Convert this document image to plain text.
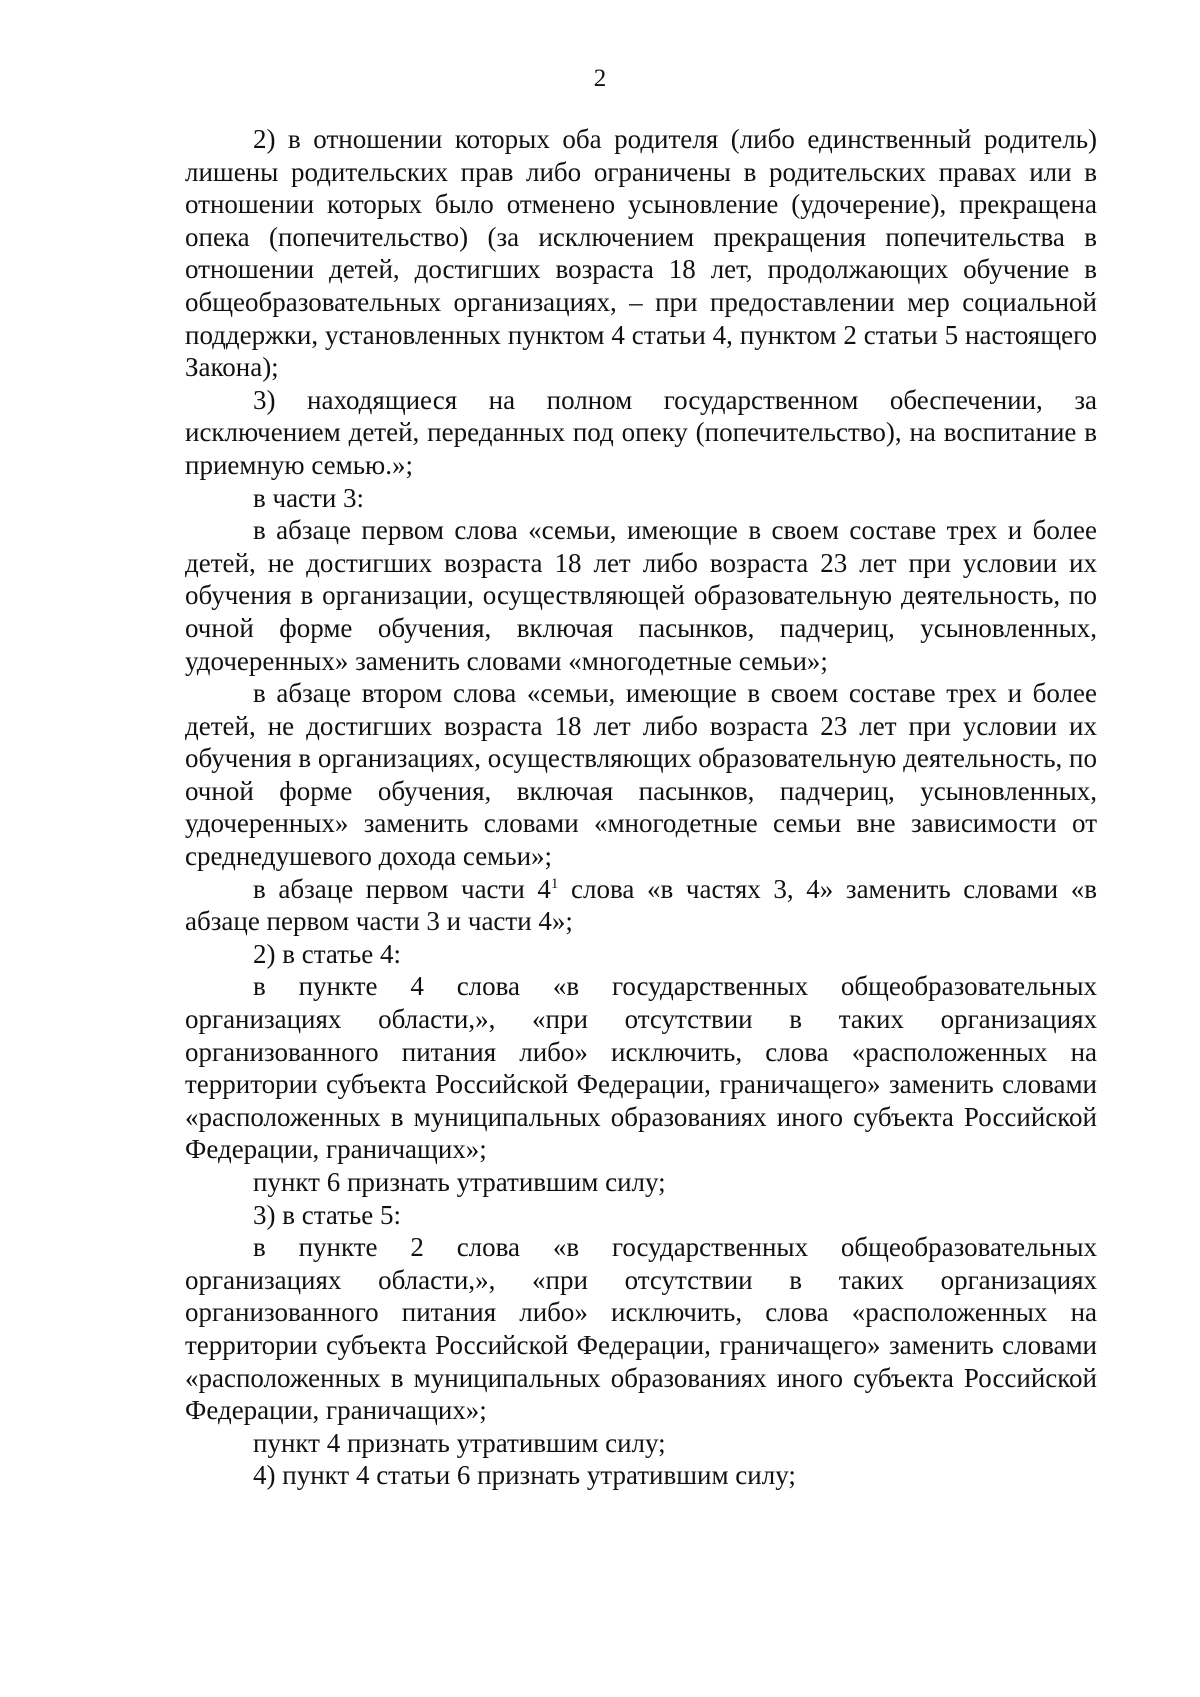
2

2) в отношении которых оба родителя (либо единственный родитель) лишены родительских прав либо ограничены в родительских правах или в отношении которых было отменено усыновление (удочерение), прекращена опека (попечительство) (за исключением прекращения попечительства в отношении детей, достигших возраста 18 лет, продолжающих обучение в общеобразовательных организациях, – при предоставлении мер социальной поддержки, установленных пунктом 4 статьи 4, пунктом 2 статьи 5 настоящего Закона);

3) находящиеся на полном государственном обеспечении, за исключением детей, переданных под опеку (попечительство), на воспитание в приемную семью.»;

в части 3:

в абзаце первом слова «семьи, имеющие в своем составе трех и более детей, не достигших возраста 18 лет либо возраста 23 лет при условии их обучения в организации, осуществляющей образовательную деятельность, по очной форме обучения, включая пасынков, падчериц, усыновленных, удочеренных» заменить словами «многодетные семьи»;

в абзаце втором слова «семьи, имеющие в своем составе трех и более детей, не достигших возраста 18 лет либо возраста 23 лет при условии их обучения в организациях, осуществляющих образовательную деятельность, по очной форме обучения, включая пасынков, падчериц, усыновленных, удочеренных» заменить словами «многодетные семьи вне зависимости от среднедушевого дохода семьи»;

в абзаце первом части $4^1$ слова «в частях 3, 4» заменить словами «в абзаце первом части 3 и части 4»;

2) в статье 4:

в пункте 4 слова «в государственных общеобразовательных организациях области,», «при отсутствии в таких организациях организованного питания либо» исключить, слова «расположенных на территории субъекта Российской Федерации, граничащего» заменить словами «расположенных в муниципальных образованиях иного субъекта Российской Федерации, граничащих»;

пункт 6 признать утратившим силу;

3) в статье 5:

в пункте 2 слова «в государственных общеобразовательных организациях области,», «при отсутствии в таких организациях организованного питания либо» исключить, слова «расположенных на территории субъекта Российской Федерации, граничащего» заменить словами «расположенных в муниципальных образованиях иного субъекта Российской Федерации, граничащих»;

пункт 4 признать утратившим силу;

4) пункт 4 статьи 6 признать утратившим силу;
